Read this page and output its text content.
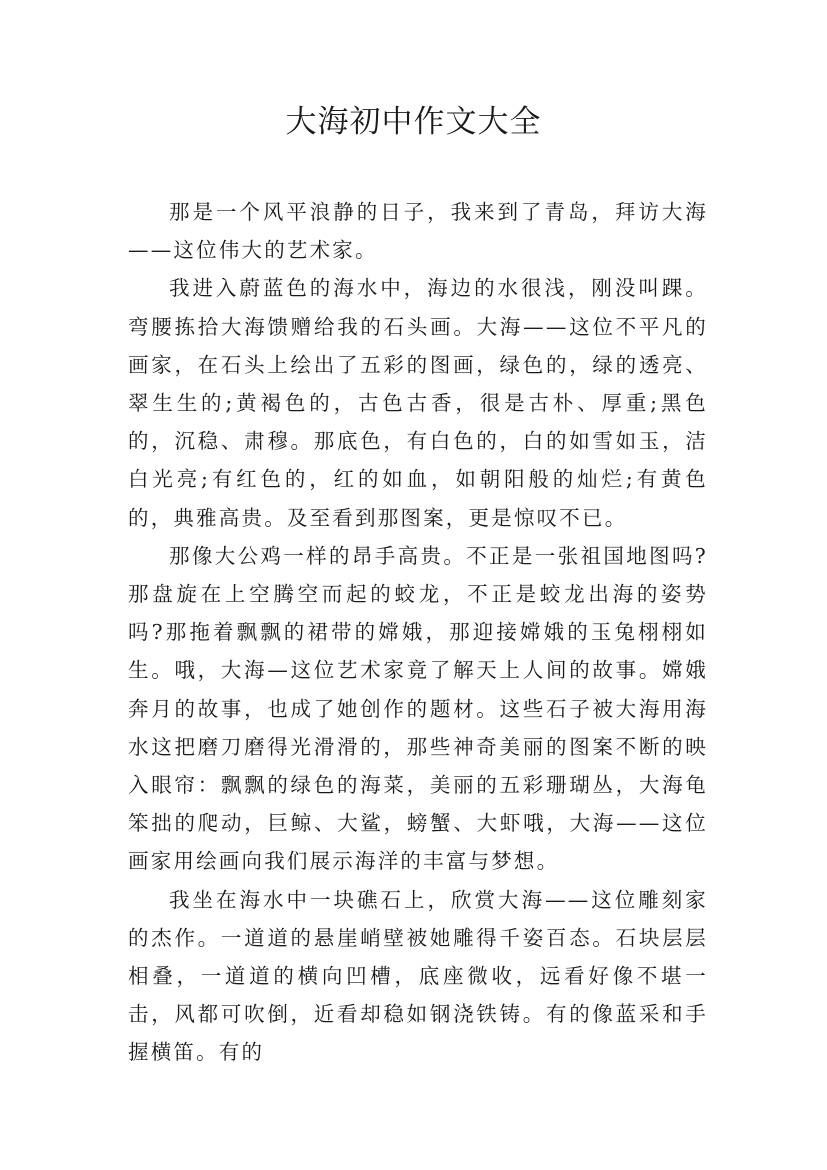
大海初中作文大全

那是一个风平浪静的日子，我来到了青岛，拜访大海——这位伟大的艺术家。

我进入蔚蓝色的海水中，海边的水很浅，刚没叫踝。弯腰拣拾大海馈赠给我的石头画。大海——这位不平凡的画家，在石头上绘出了五彩的图画，绿色的，绿的透亮、翠生生的;黄褐色的，古色古香，很是古朴、厚重;黑色的，沉稳、肃穆。那底色，有白色的，白的如雪如玉，洁白光亮;有红色的，红的如血，如朝阳般的灿烂;有黄色的，典雅高贵。及至看到那图案，更是惊叹不已。

那像大公鸡一样的昂手高贵。不正是一张祖国地图吗?那盘旋在上空腾空而起的蛟龙，不正是蛟龙出海的姿势吗?那拖着飘飘的裙带的嫦娥，那迎接嫦娥的玉兔栩栩如生。哦，大海—这位艺术家竟了解天上人间的故事。嫦娥奔月的故事，也成了她创作的题材。这些石子被大海用海水这把磨刀磨得光滑滑的，那些神奇美丽的图案不断的映入眼帘：飘飘的绿色的海菜，美丽的五彩珊瑚丛，大海龟笨拙的爬动，巨鲸、大鲨，螃蟹、大虾哦，大海——这位画家用绘画向我们展示海洋的丰富与梦想。

我坐在海水中一块礁石上，欣赏大海——这位雕刻家的杰作。一道道的悬崖峭壁被她雕得千姿百态。石块层层相叠，一道道的横向凹槽，底座微收，远看好像不堪一击，风都可吹倒，近看却稳如钢浇铁铸。有的像蓝采和手握横笛。有的
